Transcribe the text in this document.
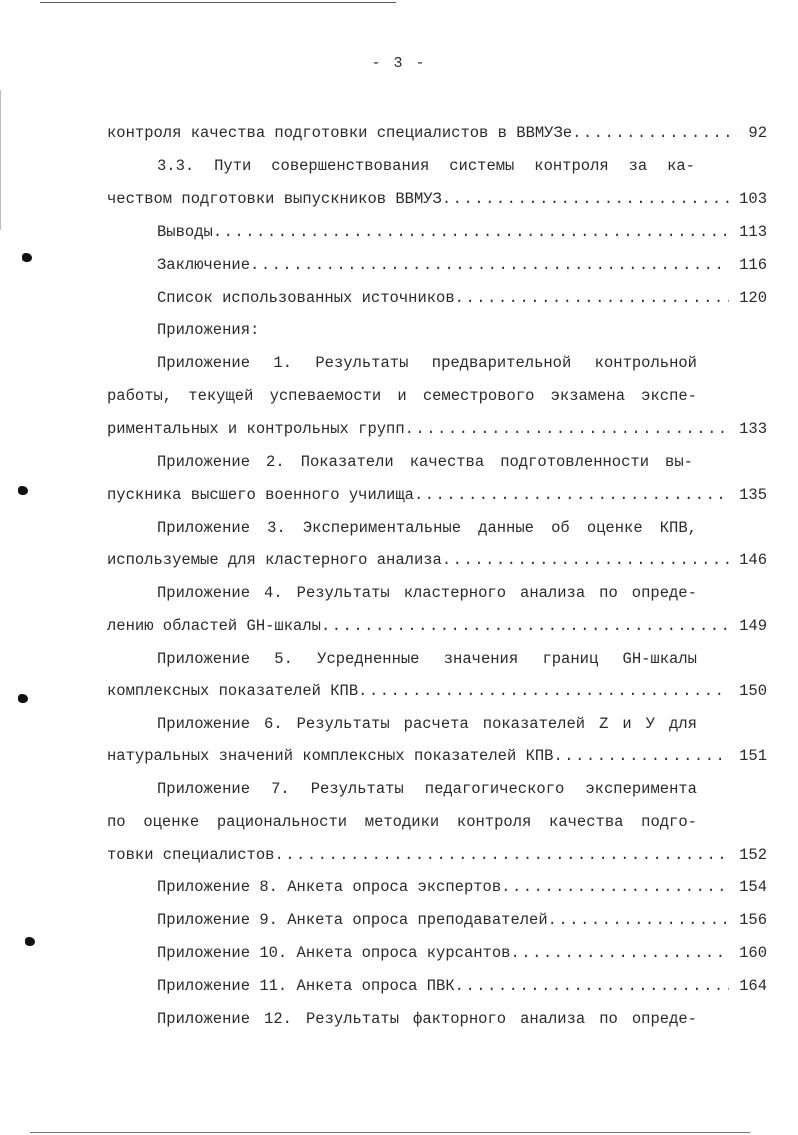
- 3 -
контроля качества подготовки специалистов в ВВМУЗе .....	92
3.3. Пути совершенствования системы контроля за ка-
чеством подготовки выпускников ВВМУЗ .....	103
Выводы .....	113
Заключение .....	116
Список использованных источников .....	120
Приложения:
Приложение 1. Результаты предварительной контрольной
работы, текущей успеваемости и семестрового экзамена экспе-
риментальных и контрольных групп .....	133
Приложение 2. Показатели качества подготовленности вы-
пускника высшего военного училища .....	135
Приложение 3. Экспериментальные данные об оценке КПВ,
используемые для кластерного анализа .....	146
Приложение 4. Результаты кластерного анализа по опреде-
лению областей GH-шкалы .....	149
Приложение 5. Усредненные значения границ GH-шкалы
комплексных показателей КПВ .....	150
Приложение 6. Результаты расчета показателей Z и У для
натуральных значений комплексных показателей КПВ .....	151
Приложение 7. Результаты педагогического эксперимента
по оценке рациональности методики контроля качества подго-
товки специалистов .....	152
Приложение 8. Анкета опроса экспертов .....	154
Приложение 9. Анкета опроса преподавателей .....	156
Приложение 10. Анкета опроса курсантов .....	160
Приложение 11. Анкета опроса ПВК .....	164
Приложение 12. Результаты факторного анализа по опреде-
